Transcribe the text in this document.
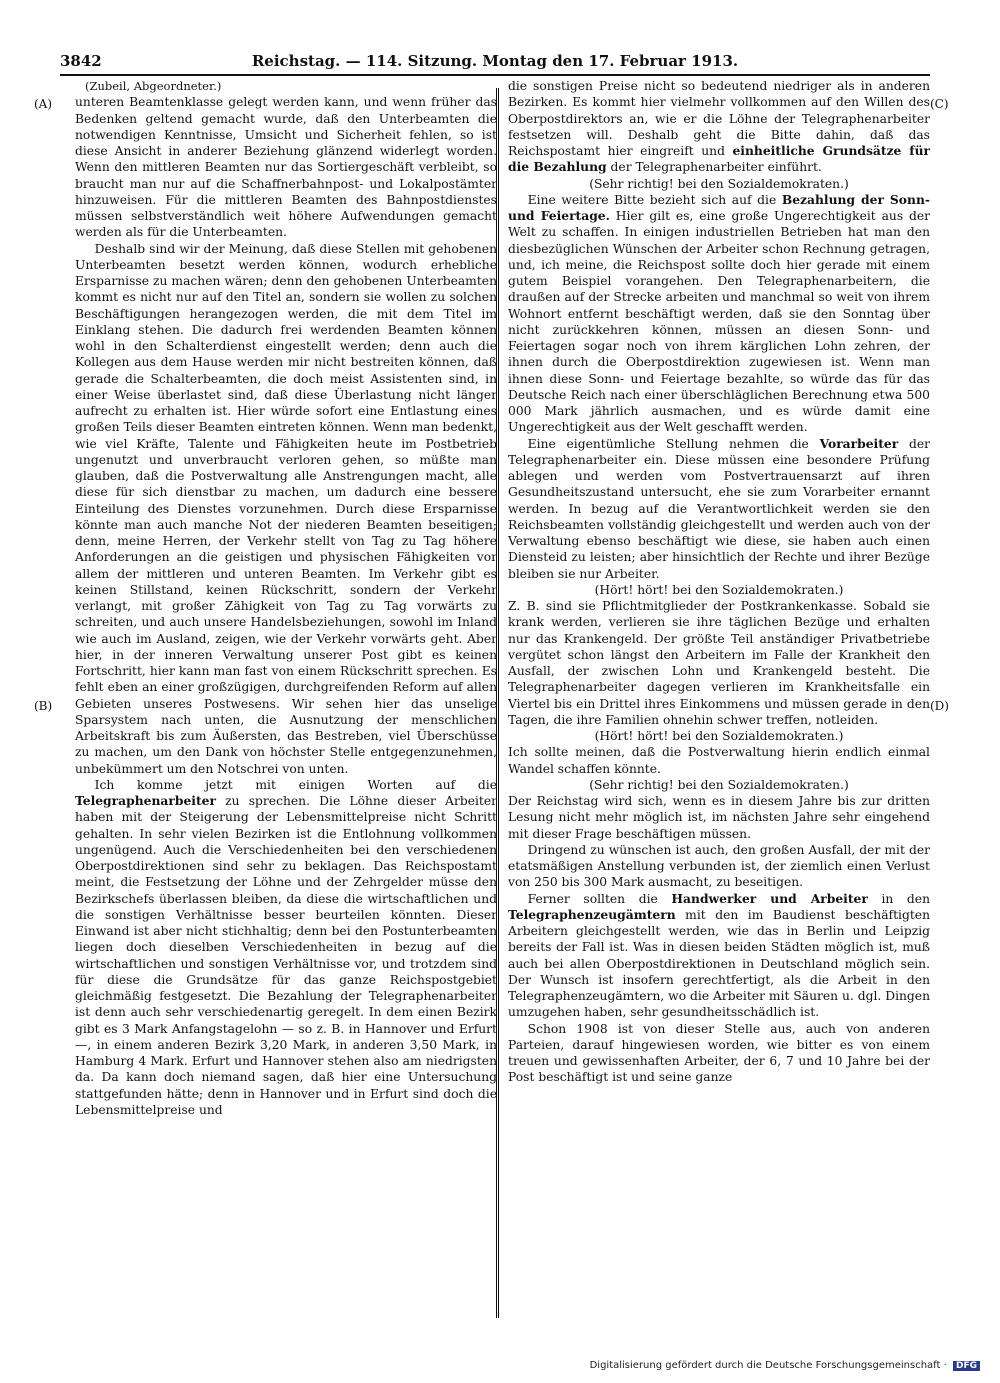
3842	Reichstag. — 114. Sitzung. Montag den 17. Februar 1913.
(A)
(B)
(C)
(D)
(Zubeil, Abgeordneter.)

unteren Beamtenklasse gelegt werden kann, und wenn früher das Bedenken geltend gemacht wurde, daß den Unterbeamten die notwendigen Kenntnisse, Umsicht und Sicherheit fehlen, so ist diese Ansicht in anderer Beziehung glänzend widerlegt worden. Wenn den mittleren Beamten nur das Sortiergeschäft verbleibt, so braucht man nur auf die Schaffnerbahnpost- und Lokalpostämter hinzuweisen. Für die mittleren Beamten des Bahnpostdienstes müssen selbstverständlich weit höhere Aufwendungen gemacht werden als für die Unterbeamten.

Deshalb sind wir der Meinung, daß diese Stellen mit gehobenen Unterbeamten besetzt werden können, wodurch erhebliche Ersparnisse zu machen wären; denn den gehobenen Unterbeamten kommt es nicht nur auf den Titel an, sondern sie wollen zu solchen Beschäftigungen herangezogen werden, die mit dem Titel im Einklang stehen. Die dadurch frei werdenden Beamten können wohl in den Schalterdienst eingestellt werden; denn auch die Kollegen aus dem Hause werden mir nicht bestreiten können, daß gerade die Schalterbeamten, die doch meist Assistenten sind, in einer Weise überlastet sind, daß diese Überlastung nicht länger aufrecht zu erhalten ist. Hier würde sofort eine Entlastung eines großen Teils dieser Beamten eintreten können. Wenn man bedenkt, wie viel Kräfte, Talente und Fähigkeiten heute im Postbetrieb ungenutzt und unverbraucht verloren gehen, so müßte man glauben, daß die Postverwaltung alle Anstrengungen macht, alle diese für sich dienstbar zu machen, um dadurch eine bessere Einteilung des Dienstes vorzunehmen. Durch diese Ersparnisse könnte man auch manche Not der niederen Beamten beseitigen; denn, meine Herren, der Verkehr stellt von Tag zu Tag höhere Anforderungen an die geistigen und physischen Fähigkeiten vor allem der mittleren und unteren Beamten. Im Verkehr gibt es keinen Stillstand, keinen Rückschritt, sondern der Verkehr verlangt, mit großer Zähigkeit von Tag zu Tag vorwärts zu schreiten, und auch unsere Handelsbeziehungen, sowohl im Inland wie auch im Ausland, zeigen, wie der Verkehr vorwärts geht. Aber hier, in der inneren Verwaltung unserer Post gibt es keinen Fortschritt, hier kann man fast von einem Rückschritt sprechen. Es fehlt eben an einer großzügigen, durchgreifenden Reform auf allen Gebieten unseres Postwesens. Wir sehen hier das unselige Sparsystem nach unten, die Ausnutzung der menschlichen Arbeitskraft bis zum Äußersten, das Bestreben, viel Überschüsse zu machen, um den Dank von höchster Stelle entgegenzunehmen, unbekümmert um den Notschrei von unten.

Ich komme jetzt mit einigen Worten auf die Telegraphenarbeiter zu sprechen. Die Löhne dieser Arbeiter haben mit der Steigerung der Lebensmittelpreise nicht Schritt gehalten. In sehr vielen Bezirken ist die Entlohnung vollkommen ungenügend. Auch die Verschiedenheiten bei den verschiedenen Oberpostdirektionen sind sehr zu beklagen. Das Reichspostamt meint, die Festsetzung der Löhne und der Zehrgelder müsse den Bezirkschefs überlassen bleiben, da diese die wirtschaftlichen und die sonstigen Verhältnisse besser beurteilen könnten. Dieser Einwand ist aber nicht stichhaltig; denn bei den Postunterbeamten liegen doch dieselben Verschiedenheiten in bezug auf die wirtschaftlichen und sonstigen Verhältnisse vor, und trotzdem sind für diese die Grundsätze für das ganze Reichspostgebiet gleichmäßig festgesetzt. Die Bezahlung der Telegraphenarbeiter ist denn auch sehr verschiedenartig geregelt. In dem einen Bezirk gibt es 3 Mark Anfangstagelohn — so z. B. in Hannover und Erfurt —, in einem anderen Bezirk 3,20 Mark, in anderen 3,50 Mark, in Hamburg 4 Mark. Erfurt und Hannover stehen also am niedrigsten da. Da kann doch niemand sagen, daß hier eine Untersuchung stattgefunden hätte; denn in Hannover und in Erfurt sind doch die Lebensmittelpreise und

die sonstigen Preise nicht so bedeutend niedriger als in anderen Bezirken. Es kommt hier vielmehr vollkommen auf den Willen des Oberpostdirektors an, wie er die Löhne der Telegraphenarbeiter festsetzen will. Deshalb geht die Bitte dahin, daß das Reichspostamt hier eingreift und einheitliche Grundsätze für die Bezahlung der Telegraphenarbeiter einführt.

(Sehr richtig! bei den Sozialdemokraten.)

Eine weitere Bitte bezieht sich auf die Bezahlung der Sonn- und Feiertage. Hier gilt es, eine große Ungerechtigkeit aus der Welt zu schaffen. In einigen industriellen Betrieben hat man den diesbezüglichen Wünschen der Arbeiter schon Rechnung getragen, und, ich meine, die Reichspost sollte doch hier gerade mit einem gutem Beispiel vorangehen. Den Telegraphenarbeitern, die draußen auf der Strecke arbeiten und manchmal so weit von ihrem Wohnort entfernt beschäftigt werden, daß sie den Sonntag über nicht zurückkehren können, müssen an diesen Sonn- und Feiertagen sogar noch von ihrem kärglichen Lohn zehren, der ihnen durch die Oberpostdirektion zugewiesen ist. Wenn man ihnen diese Sonn- und Feiertage bezahlte, so würde das für das Deutsche Reich nach einer überschläglichen Berechnung etwa 500 000 Mark jährlich ausmachen, und es würde damit eine Ungerechtigkeit aus der Welt geschafft werden.

Eine eigentümliche Stellung nehmen die Vorarbeiter der Telegraphenarbeiter ein. Diese müssen eine besondere Prüfung ablegen und werden vom Postvertrauensarzt auf ihren Gesundheitszustand untersucht, ehe sie zum Vorarbeiter ernannt werden. In bezug auf die Verantwortlichkeit werden sie den Reichsbeamten vollständig gleichgestellt und werden auch von der Verwaltung ebenso beschäftigt wie diese, sie haben auch einen Dienstеid zu leisten; aber hinsichtlich der Rechte und ihrer Bezüge bleiben sie nur Arbeiter.

(Hört! hört! bei den Sozialdemokraten.)

Z. B. sind sie Pflichtmitglieder der Postkrankenkasse. Sobald sie krank werden, verlieren sie ihre täglichen Bezüge und erhalten nur das Krankengeld. Der größte Teil anständiger Privatbetriebe vergütet schon längst den Arbeitern im Falle der Krankheit den Ausfall, der zwischen Lohn und Krankengeld besteht. Die Telegraphenarbeiter dagegen verlieren im Krankheitsfalle ein Viertel bis ein Drittel ihres Einkommens und müssen gerade in den Tagen, die ihre Familien ohnehin schwer treffen, notleiden.

(Hört! hört! bei den Sozialdemokraten.)

Ich sollte meinen, daß die Postverwaltung hierin endlich einmal Wandel schaffen könnte.

(Sehr richtig! bei den Sozialdemokraten.)

Der Reichstag wird sich, wenn es in diesem Jahre bis zur dritten Lesung nicht mehr möglich ist, im nächsten Jahre sehr eingehend mit dieser Frage beschäftigen müssen.

Dringend zu wünschen ist auch, den großen Ausfall, der mit der etatsmäßigen Anstellung verbunden ist, der ziemlich einen Verlust von 250 bis 300 Mark ausmacht, zu beseitigen.

Ferner sollten die Handwerker und Arbeiter in den Telegraphenzeugämtern mit den im Baudienst beschäftigten Arbeitern gleichgestellt werden, wie das in Berlin und Leipzig bereits der Fall ist. Was in diesen beiden Städten möglich ist, muß auch bei allen Oberpostdirektionen in Deutschland möglich sein. Der Wunsch ist insofern gerechtfertigt, als die Arbeit in den Telegraphenzeugämtern, wo die Arbeiter mit Säuren u. dgl. Dingen umzugehen haben, sehr gesundheitsschädlich ist.

Schon 1908 ist von dieser Stelle aus, auch von anderen Parteien, darauf hingewiesen worden, wie bitter es von einem treuen und gewissenhaften Arbeiter, der 6, 7 und 10 Jahre bei der Post beschäftigt ist und seine ganze

Digitalisierung gefördert durch die Deutsche Forschungsgemeinschaft · DFG
